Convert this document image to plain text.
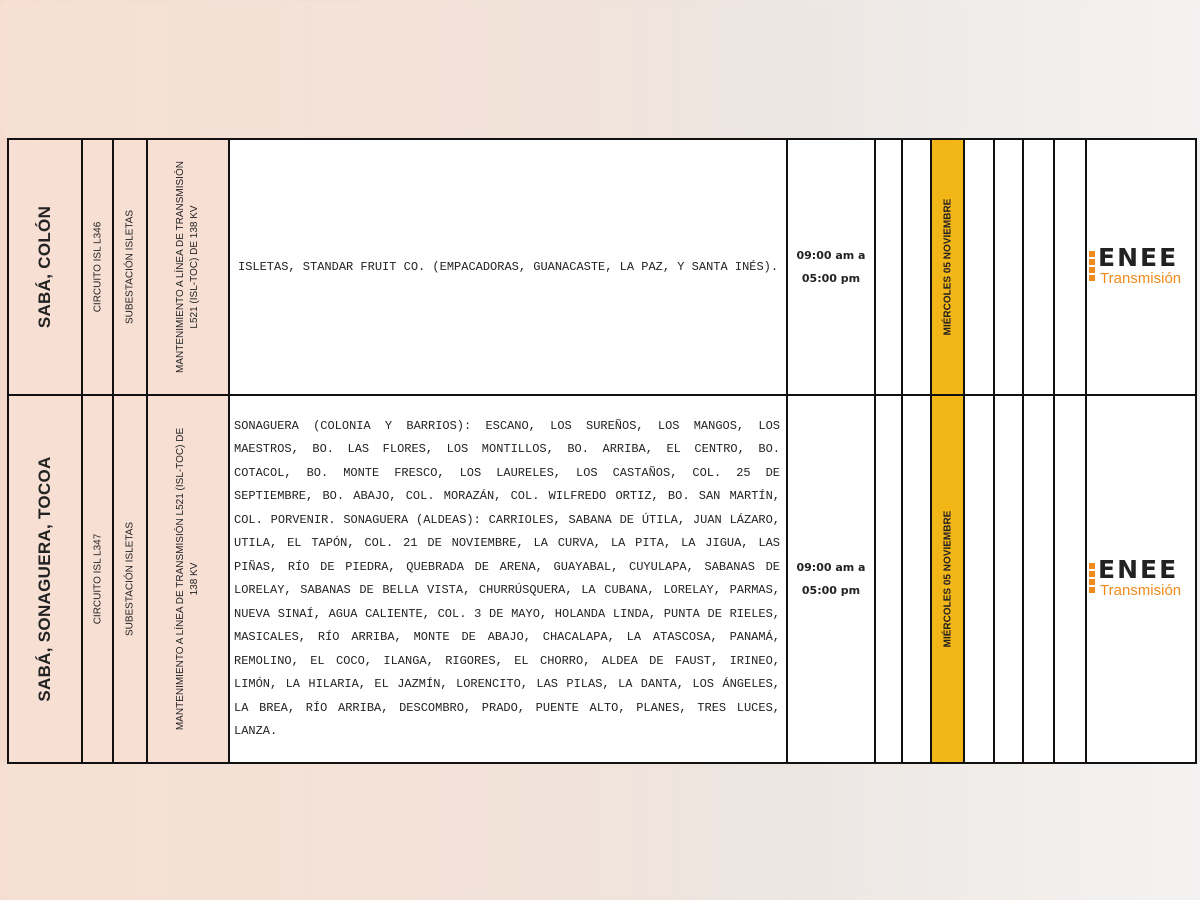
SABÁ, COLÓN	CIRCUITO ISL L346	SUBESTACIÓN ISLETAS	MANTENIMIENTO A LÍNEA DE TRANSMISIÓN L521 (ISL-TOC) DE 138 KV	ISLETAS, STANDAR FRUIT CO. (EMPACADORAS, GUANACASTE, LA PAZ, Y SANTA INÉS).	09:00 am a 05:00 pm			MIÉRCOLES 05 NOVIEMBRE					ENEE
Transmisión

SABÁ, SONAGUERA, TOCOA	CIRCUITO ISL L347	SUBESTACIÓN ISLETAS	MANTENIMIENTO A LÍNEA DE TRANSMISIÓN L521 (ISL-TOC) DE 138 KV	SONAGUERA (COLONIA Y BARRIOS): ESCANO, LOS SUREÑOS, LOS MANGOS, LOS MAESTROS, BO. LAS FLORES, LOS MONTILLOS, BO. ARRIBA, EL CENTRO, BO. COTACOL, BO. MONTE FRESCO, LOS LAURELES, LOS CASTAÑOS, COL. 25 DE SEPTIEMBRE, BO. ABAJO, COL. MORAZÁN, COL. WILFREDO ORTIZ, BO. SAN MARTÍN, COL. PORVENIR. SONAGUERA (ALDEAS): CARRIOLES, SABANA DE ÚTILA, JUAN LÁZARO, UTILA, EL TAPÓN, COL. 21 DE NOVIEMBRE, LA CURVA, LA PITA, LA JIGUA, LAS PIÑAS, RÍO DE PIEDRA, QUEBRADA DE ARENA, GUAYABAL, CUYULAPA, SABANAS DE LORELAY, SABANAS DE BELLA VISTA, CHURRÚSQUERA, LA CUBANA, LORELAY, PARMAS, NUEVA SINAÍ, AGUA CALIENTE, COL. 3 DE MAYO, HOLANDA LINDA, PUNTA DE RIELES, MASICALES, RÍO ARRIBA, MONTE DE ABAJO, CHACALAPA, LA ATASCOSA, PANAMÁ, REMOLINO, EL COCO, ILANGA, RIGORES, EL CHORRO, ALDEA DE FAUST, IRINEO, LIMÓN, LA HILARIA, EL JAZMÍN, LORENCITO, LAS PILAS, LA DANTA, LOS ÁNGELES, LA BREA, RÍO ARRIBA, DESCOMBRO, PRADO, PUENTE ALTO, PLANES, TRES LUCES, LANZA.	09:00 am a 05:00 pm			MIÉRCOLES 05 NOVIEMBRE					ENEE
Transmisión
